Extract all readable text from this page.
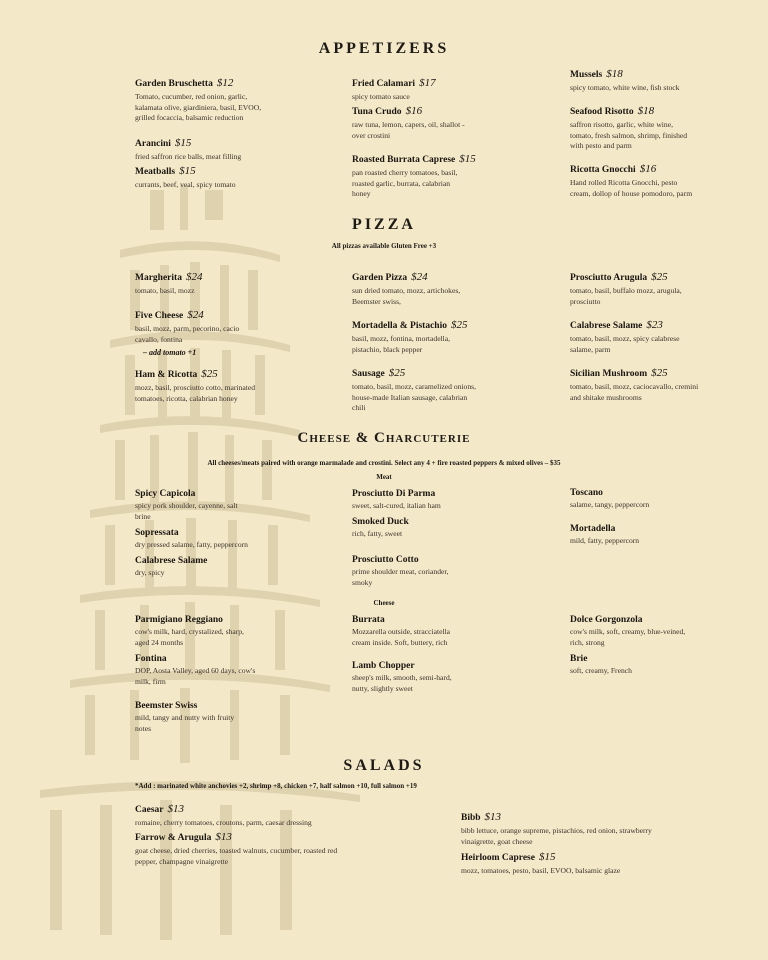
APPETIZERS
Garden Bruschetta $12
Tomato, cucumber, red onion, garlic, kalamata olive, giardiniera, basil, EVOO, grilled focaccia, balsamic reduction
Arancini $15
fried saffron rice balls, meat filling
Meatballs $15
currants, beef, veal, spicy tomato
Fried Calamari $17
spicy tomato sauce
Tuna Crudo $16
raw tuna, lemon, capers, oil, shallot - over crostini
Roasted Burrata Caprese $15
pan roasted cherry tomatoes, basil, roasted garlic, burrata, calabrian honey
Mussels $18
spicy tomato, white wine, fish stock
Seafood Risotto $18
saffron risotto, garlic, white wine, tomato, fresh salmon, shrimp, finished with pesto and parm
Ricotta Gnocchi $16
Hand rolled Ricotta Gnocchi, pesto cream, dollop of house pomodoro, parm
PIZZA
All pizzas available Gluten Free +3
Margherita $24
tomato, basil, mozz
Five Cheese $24
basil, mozz, parm, pecorino, cacio cavallo, fontina
– add tomato +1
Ham & Ricotta $25
mozz, basil, prosciutto cotto, marinated tomatoes, ricotta, calabrian honey
Garden Pizza $24
sun dried tomato, mozz, artichokes, Beemster swiss,
Mortadella & Pistachio $25
basil, mozz, fontina, mortadella, pistachio, black pepper
Sausage $25
tomato, basil, mozz, caramelized onions, house-made Italian sausage, calabrian chili
Prosciutto Arugula $25
tomato, basil, buffalo mozz, arugula, prosciutto
Calabrese Salame $23
tomato, basil, mozz, spicy calabrese salame, parm
Sicilian Mushroom $25
tomato, basil, mozz, caciocavallo, cremini and shitake mushrooms
Cheese & Charcuterie
All cheeses/meats paired with orange marmalade and crostini. Select any 4 + fire roasted peppers & mixed olives – $35
Meat
Spicy Capicola
spicy pork shoulder, cayenne, salt brine
Sopressata
dry pressed salame, fatty, peppercorn
Calabrese Salame
dry, spicy
Prosciutto Di Parma
sweet, salt-cured, italian ham
Smoked Duck
rich, fatty, sweet
Prosciutto Cotto
prime shoulder meat, coriander, smoky
Toscano
salame, tangy, peppercorn
Mortadella
mild, fatty, peppercorn
Cheese
Parmigiano Reggiano
cow's milk, hard, crystalized, sharp, aged 24 months
Fontina
DOP, Aosta Valley, aged 60 days, cow's milk, firm
Beemster Swiss
mild, tangy and nutty with fruity notes
Burrata
Mozzarella outside, stracciatella cream inside. Soft, buttery, rich
Lamb Chopper
sheep's milk, smooth, semi-hard, nutty, slightly sweet
Dolce Gorgonzola
cow's milk, soft, creamy, blue-veined, rich, strong
Brie
soft, creamy, French
SALADS
*Add : marinated white anchovies +2, shrimp +8, chicken +7, half salmon +10, full salmon +19
Caesar $13
romaine, cherry tomatoes, croutons, parm, caesar dressing
Farrow & Arugula $13
goat cheese, dried cherries, toasted walnuts, cucumber, roasted red pepper, champagne vinaigrette
Bibb $13
bibb lettuce, orange supreme, pistachios, red onion, strawberry vinaigrette, goat cheese
Heirloom Caprese $15
mozz, tomatoes, pesto, basil, EVOO, balsamic glaze
